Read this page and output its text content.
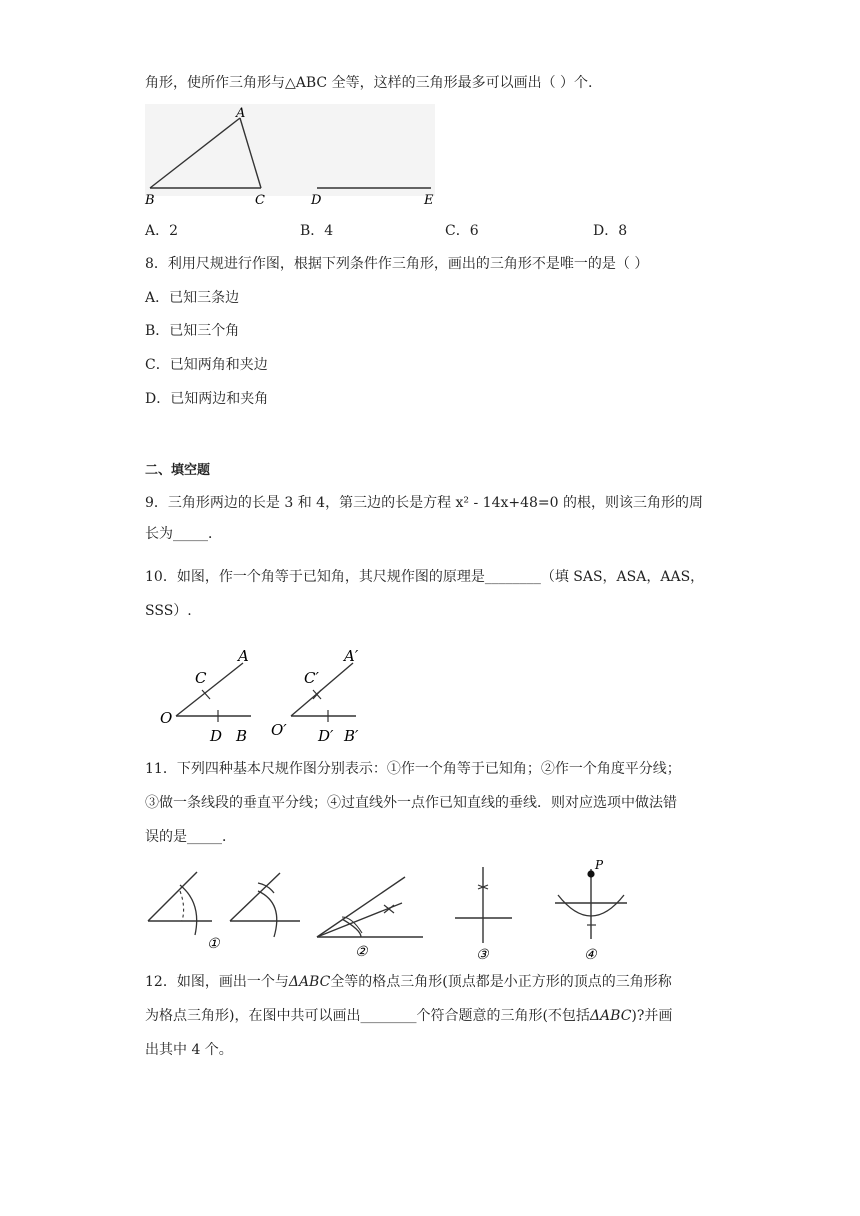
角形，使所作三角形与△ABC 全等，这样的三角形最多可以画出（ ）个.
A
B	C	D	E
A．2	B．4	C．6	D．8
8．利用尺规进行作图，根据下列条件作三角形，画出的三角形不是唯一的是（ ）
A．已知三条边
B．已知三个角
C．已知两角和夹边
D．已知两边和夹角
二、填空题
9．三角形两边的长是 3 和 4，第三边的长是方程 x² - 14x+48=0 的根，则该三角形的周
长为_____．
10．如图，作一个角等于已知角，其尺规作图的原理是________（填 SAS，ASA，AAS，
SSS）.
A
C
O
D B
A′
C′
O′ D′ B′
11．下列四种基本尺规作图分别表示：①作一个角等于已知角；②作一个角度平分线；
③做一条线段的垂直平分线；④过直线外一点作已知直线的垂线．则对应选项中做法错
误的是_____．
①	②	③
P
④
12．如图，画出一个与ΔABC全等的格点三角形(顶点都是小正方形的顶点的三角形称
为格点三角形)，在图中共可以画出________个符合题意的三角形(不包括ΔABC)?并画
出其中 4 个。
